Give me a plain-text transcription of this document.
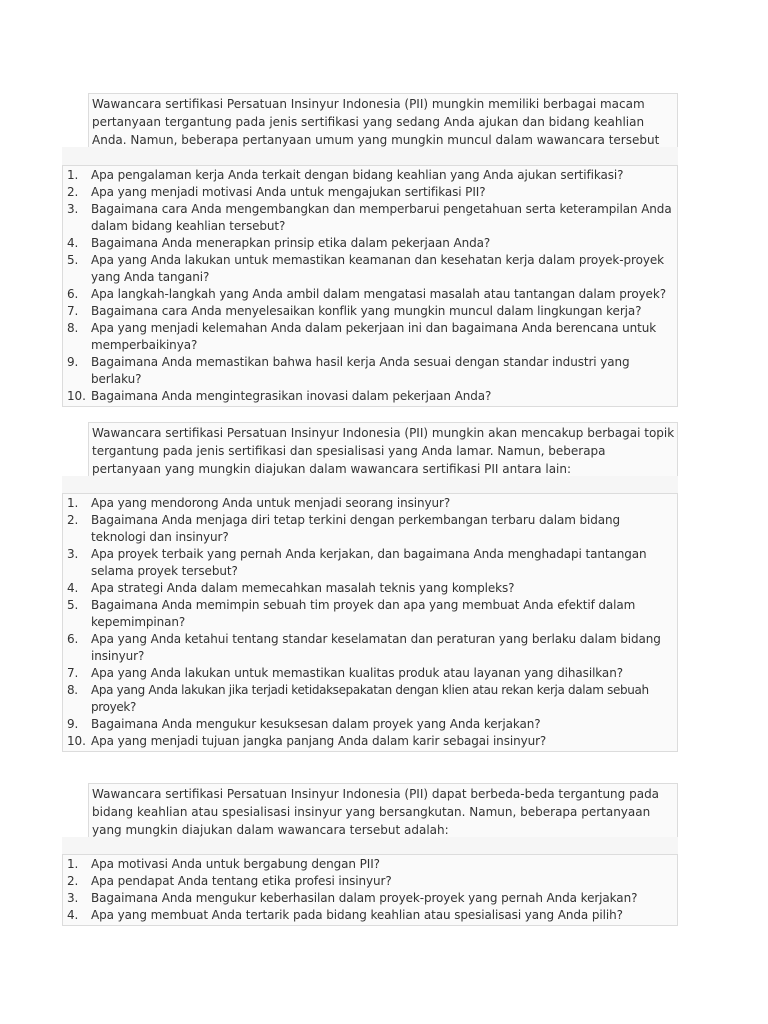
Wawancara sertifikasi Persatuan Insinyur Indonesia (PII) mungkin memiliki berbagai macam pertanyaan tergantung pada jenis sertifikasi yang sedang Anda ajukan dan bidang keahlian Anda. Namun, beberapa pertanyaan umum yang mungkin muncul dalam wawancara tersebut
1.	Apa pengalaman kerja Anda terkait dengan bidang keahlian yang Anda ajukan sertifikasi?
2.	Apa yang menjadi motivasi Anda untuk mengajukan sertifikasi PII?
3.	Bagaimana cara Anda mengembangkan dan memperbarui pengetahuan serta keterampilan Anda dalam bidang keahlian tersebut?
4.	Bagaimana Anda menerapkan prinsip etika dalam pekerjaan Anda?
5.	Apa yang Anda lakukan untuk memastikan keamanan dan kesehatan kerja dalam proyek-proyek yang Anda tangani?
6.	Apa langkah-langkah yang Anda ambil dalam mengatasi masalah atau tantangan dalam proyek?
7.	Bagaimana cara Anda menyelesaikan konflik yang mungkin muncul dalam lingkungan kerja?
8.	Apa yang menjadi kelemahan Anda dalam pekerjaan ini dan bagaimana Anda berencana untuk memperbaikinya?
9.	Bagaimana Anda memastikan bahwa hasil kerja Anda sesuai dengan standar industri yang berlaku?
10. Bagaimana Anda mengintegrasikan inovasi dalam pekerjaan Anda?
Wawancara sertifikasi Persatuan Insinyur Indonesia (PII) mungkin akan mencakup berbagai topik tergantung pada jenis sertifikasi dan spesialisasi yang Anda lamar. Namun, beberapa pertanyaan yang mungkin diajukan dalam wawancara sertifikasi PII antara lain:
1.	Apa yang mendorong Anda untuk menjadi seorang insinyur?
2.	Bagaimana Anda menjaga diri tetap terkini dengan perkembangan terbaru dalam bidang teknologi dan insinyur?
3.	Apa proyek terbaik yang pernah Anda kerjakan, dan bagaimana Anda menghadapi tantangan selama proyek tersebut?
4.	Apa strategi Anda dalam memecahkan masalah teknis yang kompleks?
5.	Bagaimana Anda memimpin sebuah tim proyek dan apa yang membuat Anda efektif dalam kepemimpinan?
6.	Apa yang Anda ketahui tentang standar keselamatan dan peraturan yang berlaku dalam bidang insinyur?
7.	Apa yang Anda lakukan untuk memastikan kualitas produk atau layanan yang dihasilkan?
8.	Apa yang Anda lakukan jika terjadi ketidaksepakatan dengan klien atau rekan kerja dalam sebuah proyek?
9.	Bagaimana Anda mengukur kesuksesan dalam proyek yang Anda kerjakan?
10. Apa yang menjadi tujuan jangka panjang Anda dalam karir sebagai insinyur?
Wawancara sertifikasi Persatuan Insinyur Indonesia (PII) dapat berbeda-beda tergantung pada bidang keahlian atau spesialisasi insinyur yang bersangkutan. Namun, beberapa pertanyaan yang mungkin diajukan dalam wawancara tersebut adalah:
1.	Apa motivasi Anda untuk bergabung dengan PII?
2.	Apa pendapat Anda tentang etika profesi insinyur?
3.	Bagaimana Anda mengukur keberhasilan dalam proyek-proyek yang pernah Anda kerjakan?
4.	Apa yang membuat Anda tertarik pada bidang keahlian atau spesialisasi yang Anda pilih?
